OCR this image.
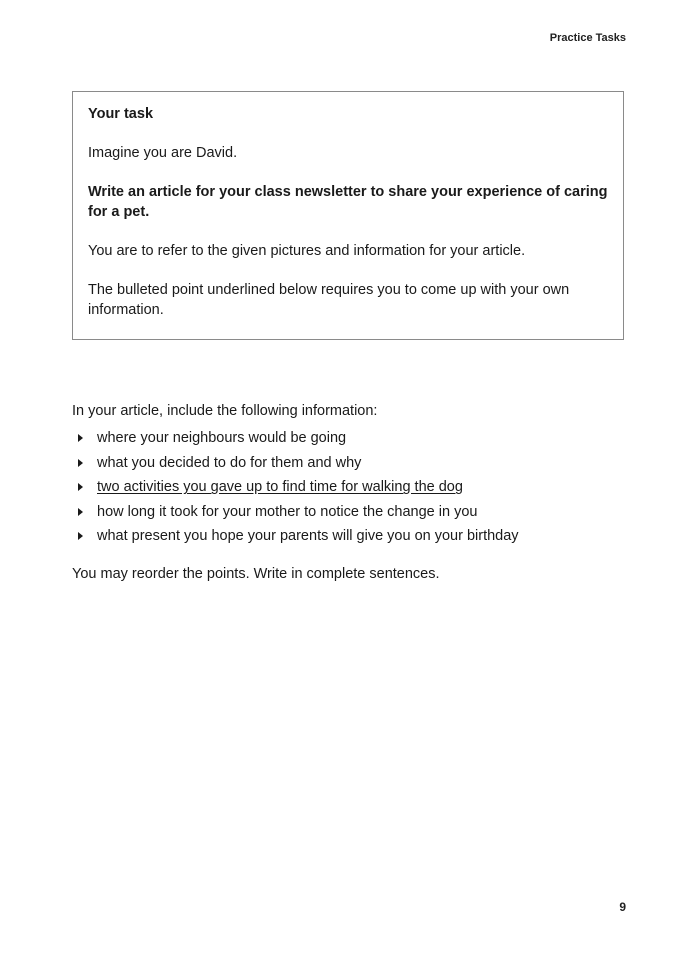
Practice Tasks

Your task

Imagine you are David.

Write an article for your class newsletter to share your experience of caring for a pet.

You are to refer to the given pictures and information for your article.

The bulleted point underlined below requires you to come up with your own information.

In your article, include the following information:

where your neighbours would be going
what you decided to do for them and why
two activities you gave up to find time for walking the dog
how long it took for your mother to notice the change in you
what present you hope your parents will give you on your birthday

You may reorder the points. Write in complete sentences.

9
